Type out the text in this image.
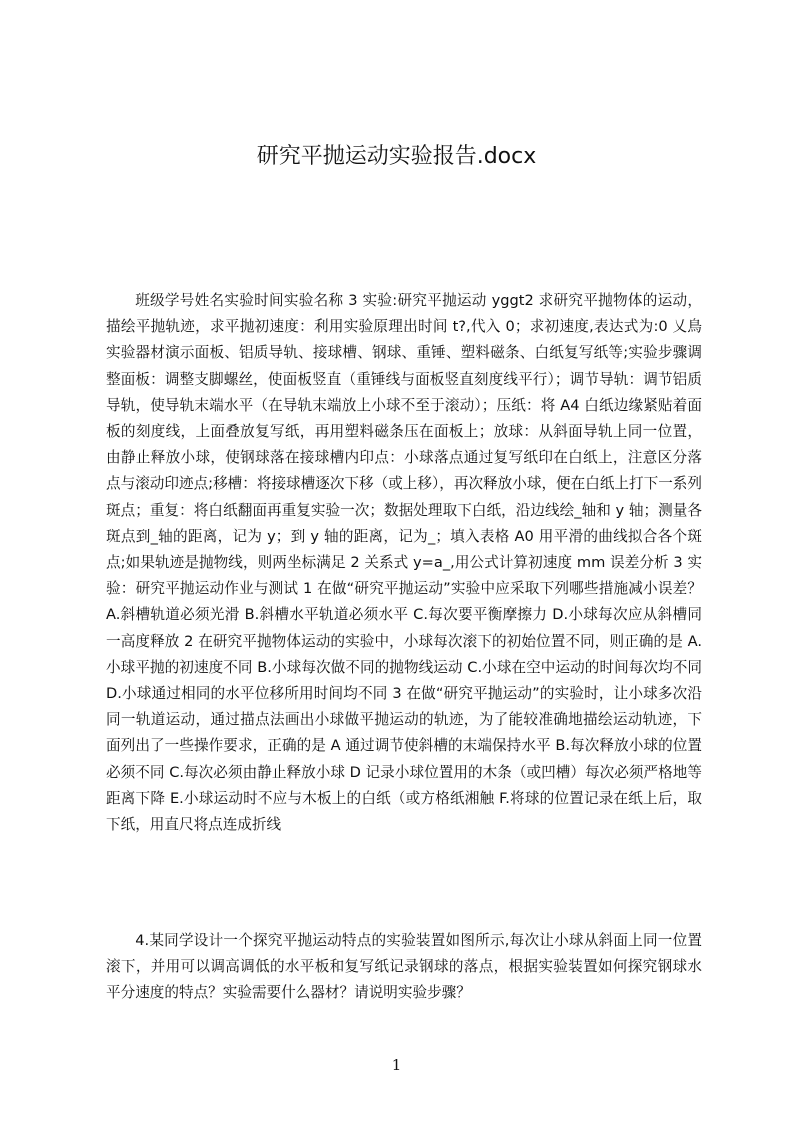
研究平抛运动实验报告.docx

班级学号姓名实验时间实验名称 3 实验:研究平抛运动 yggt2 求研究平抛物体的运动，描绘平抛轨迹，求平抛初速度：利用实验原理出时间 t?,代入 0；求初速度,表达式为:0 乂鳥实验器材演示面板、铝质导轨、接球槽、钢球、重锤、塑料磁条、白纸复写纸等;实验步骤调整面板：调整支脚螺丝，使面板竖直（重锤线与面板竖直刻度线平行）；调节导轨：调节铝质导轨，使导轨末端水平（在导轨末端放上小球不至于滚动）；压纸：将 A4 白纸边缘紧贴着面板的刻度线，上面叠放复写纸，再用塑料磁条压在面板上；放球：从斜面导轨上同一位置，由静止释放小球，使钢球落在接球槽内印点：小球落点通过复写纸印在白纸上，注意区分落点与滚动印迹点;移槽：将接球槽逐次下移（或上移），再次释放小球，便在白纸上打下一系列斑点；重复：将白纸翻面再重复实验一次；数据处理取下白纸，沿边线绘_轴和 y 轴；测量各斑点到_轴的距离，记为 y；到 y 轴的距离，记为_；填入表格 A0 用平滑的曲线拟合各个斑点;如果轨迹是抛物线，则两坐标满足 2 关系式 y=a_,用公式计算初速度 mm 误差分析 3 实验：研究平抛运动作业与测试 1 在做“研究平抛运动”实验中应采取下列哪些措施减小误差？A.斜槽轨道必须光滑 B.斜槽水平轨道必须水平 C.每次要平衡摩擦力 D.小球每次应从斜槽同一高度释放 2 在研究平抛物体运动的实验中，小球每次滚下的初始位置不同，则正确的是 A.小球平抛的初速度不同 B.小球每次做不同的抛物线运动 C.小球在空中运动的时间每次均不同 D.小球通过相同的水平位移所用时间均不同 3 在做“研究平抛运动”的实验时，让小球多次沿同一轨道运动，通过描点法画出小球做平抛运动的轨迹，为了能较准确地描绘运动轨迹，下面列出了一些操作要求，正确的是 A 通过调节使斜槽的末端保持水平 B.每次释放小球的位置必须不同 C.每次必须由静止释放小球 D 记录小球位置用的木条（或凹槽）每次必须严格地等距离下降 E.小球运动时不应与木板上的白纸（或方格纸湘触 F.将球的位置记录在纸上后，取下纸，用直尺将点连成折线

4.某同学设计一个探究平抛运动特点的实验装置如图所示,每次让小球从斜面上同一位置滚下，并用可以调高调低的水平板和复写纸记录钢球的落点，根据实验装置如何探究钢球水平分速度的特点？实验需要什么器材？请说明实验步骤？

1
